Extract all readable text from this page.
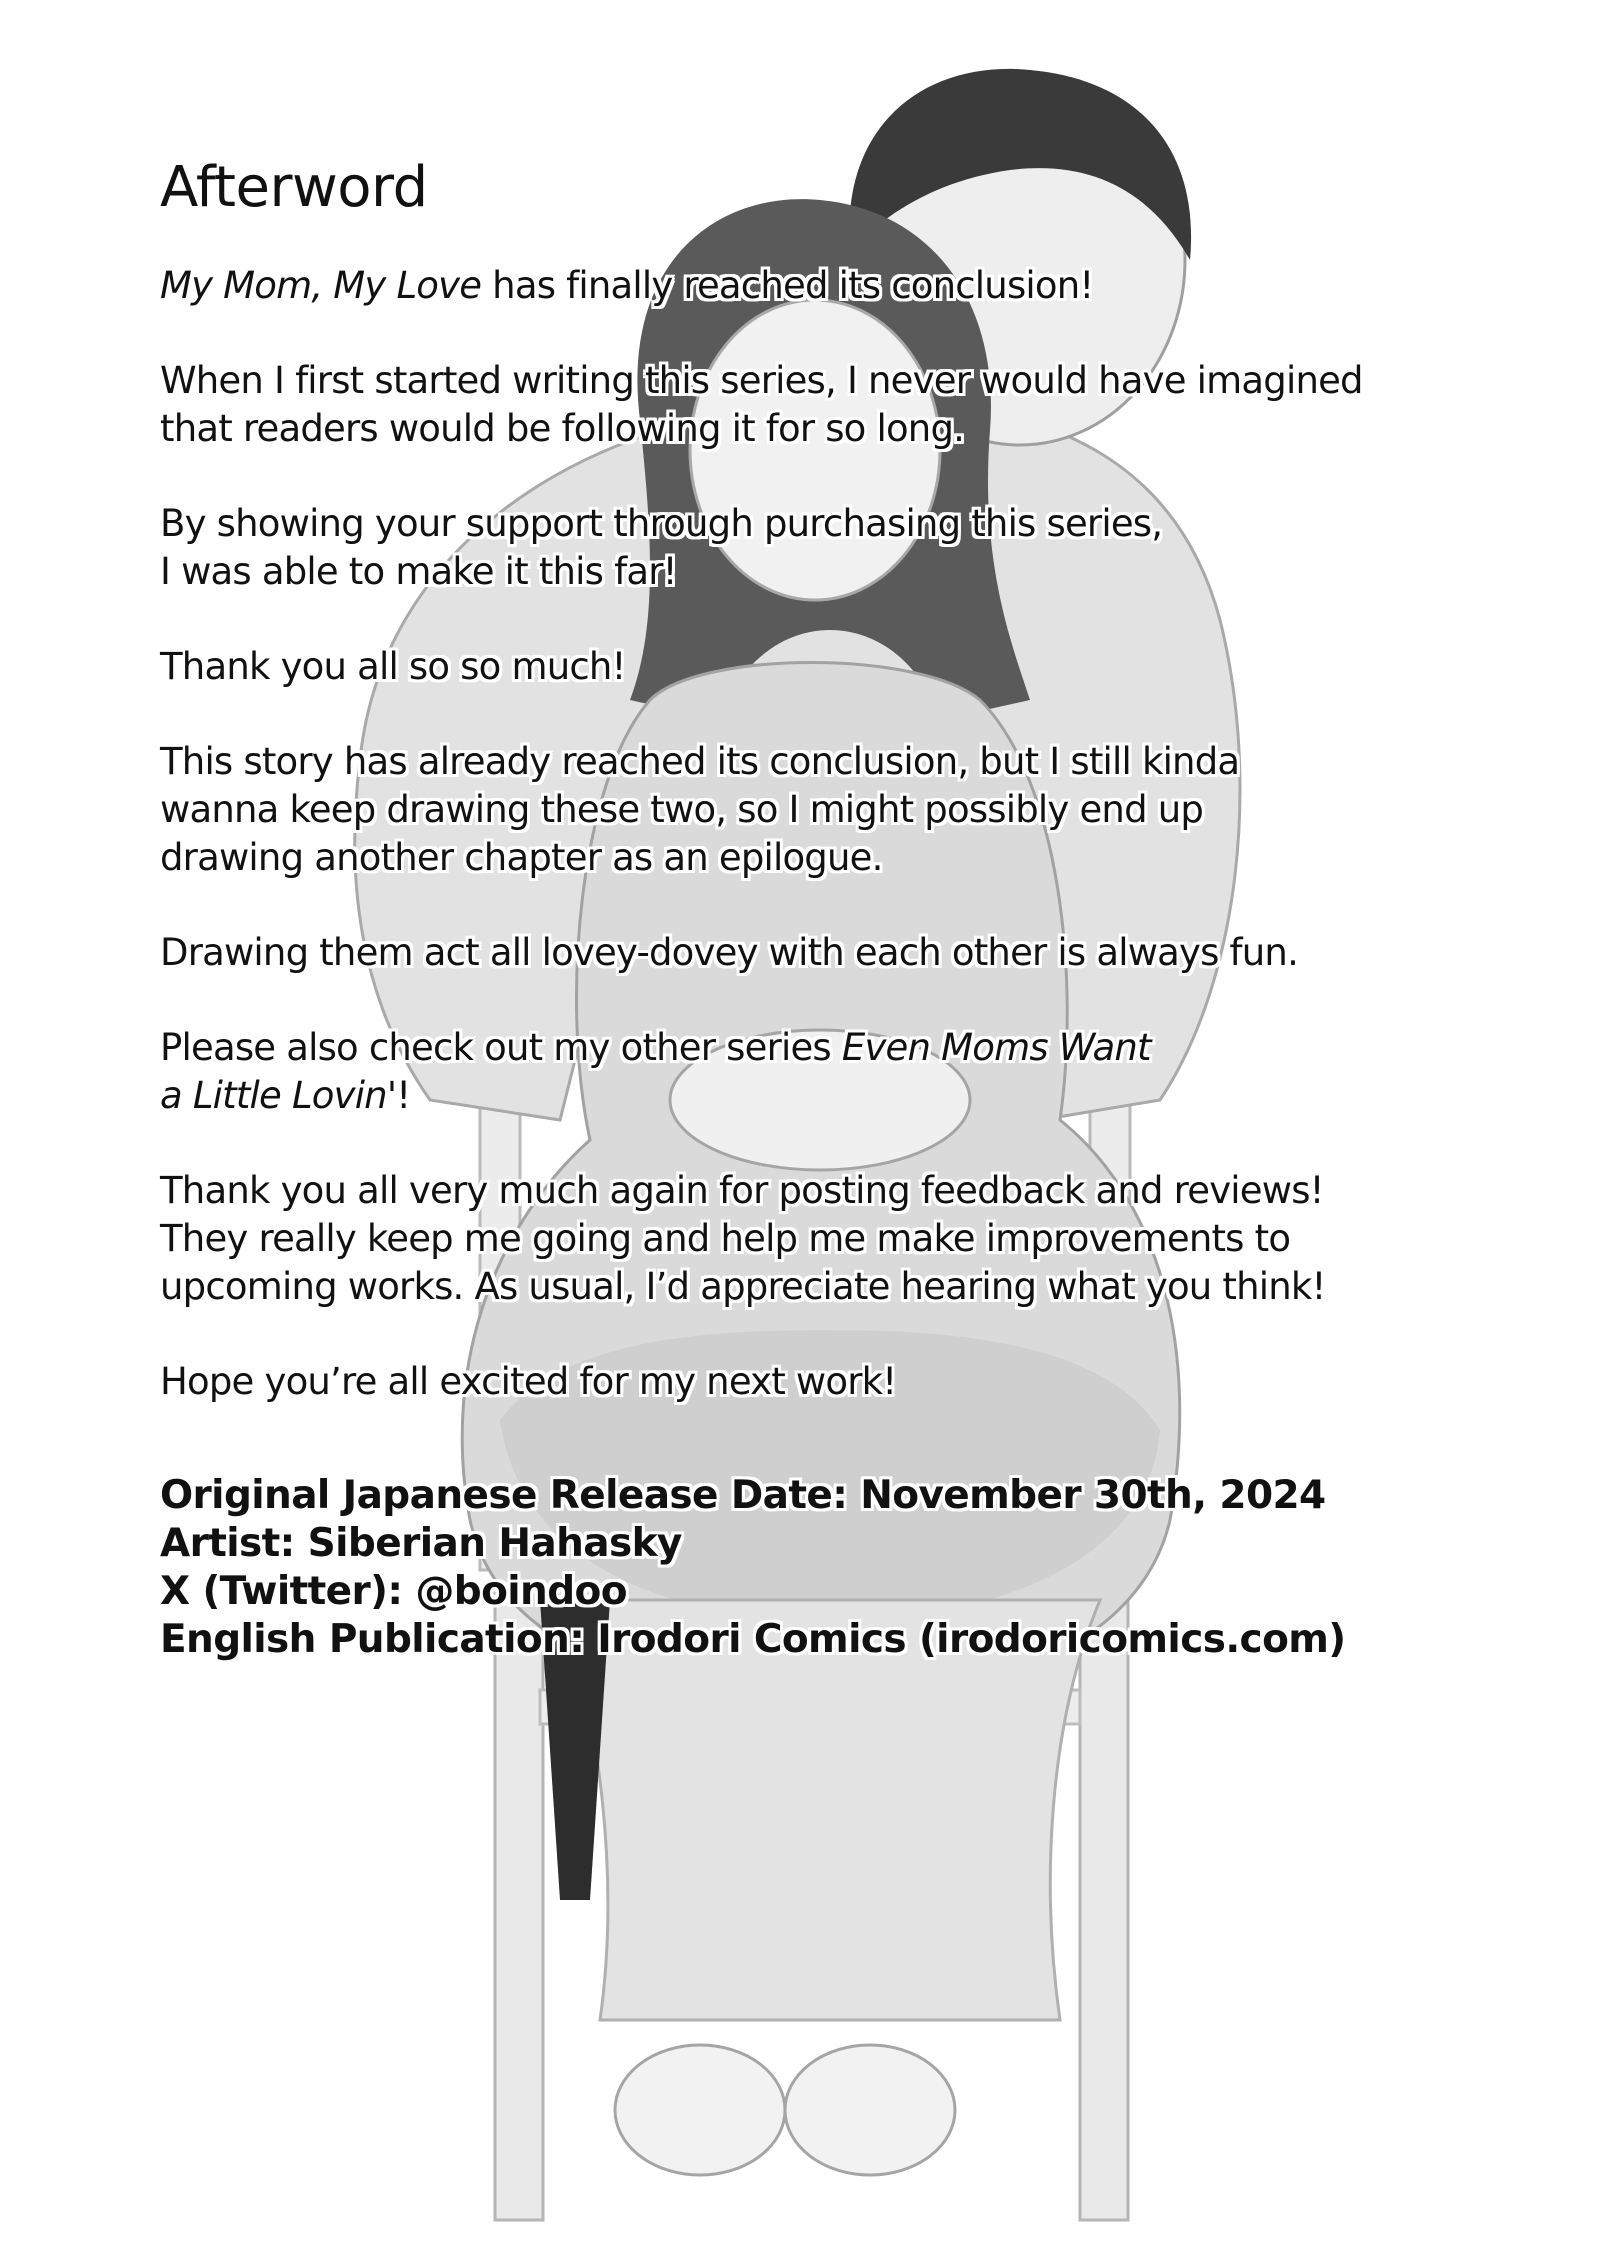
Afterword

My Mom, My Love has finally reached its conclusion!

When I first started writing this series, I never would have imagined
that readers would be following it for so long.

By showing your support through purchasing this series,
I was able to make it this far!

Thank you all so so much!

This story has already reached its conclusion, but I still kinda
wanna keep drawing these two, so I might possibly end up
drawing another chapter as an epilogue.

Drawing them act all lovey-dovey with each other is always fun.

Please also check out my other series Even Moms Want
a Little Lovin'!

Thank you all very much again for posting feedback and reviews!
They really keep me going and help me make improvements to
upcoming works. As usual, I’d appreciate hearing what you think!

Hope you’re all excited for my next work!

Original Japanese Release Date: November 30th, 2024

Artist: Siberian Hahasky

X (Twitter): @boindoo

English Publication: Irodori Comics (irodoricomics.com)
